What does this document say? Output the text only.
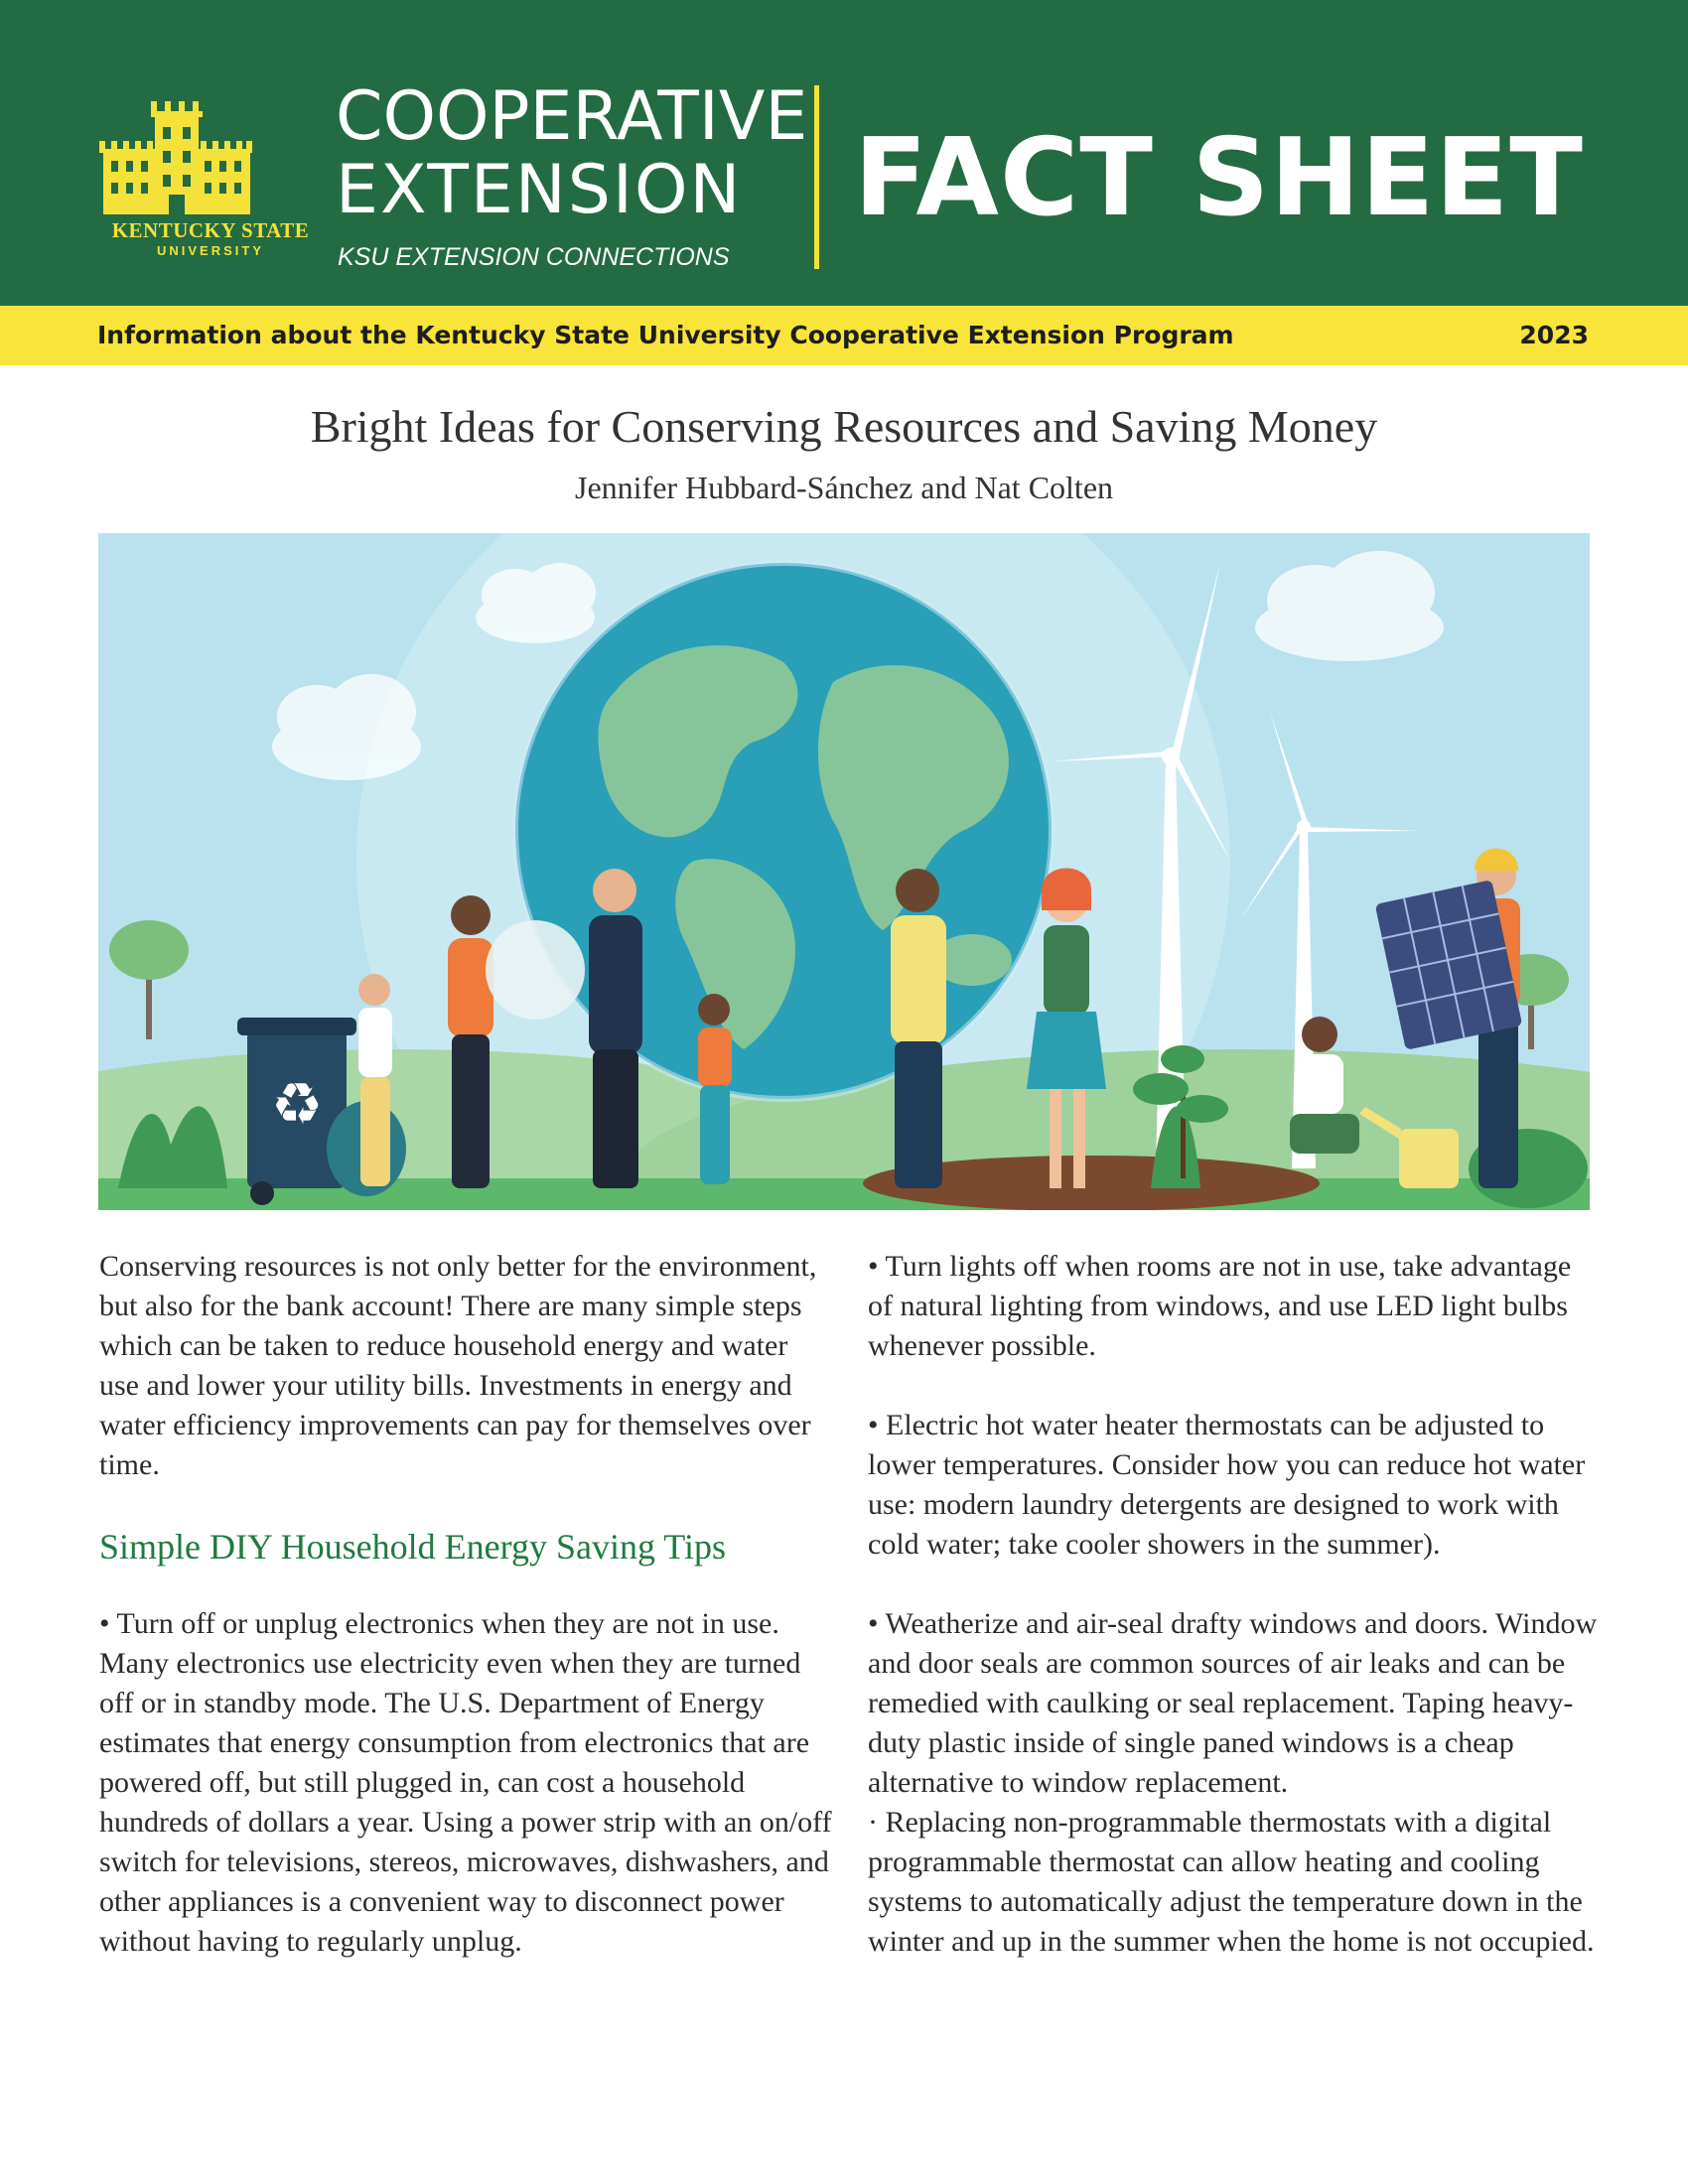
KENTUCKY STATE
UNIVERSITY
COOPERATIVE
EXTENSION
KSU EXTENSION CONNECTIONS
FACT SHEET
Information about the Kentucky State University Cooperative Extension Program	2023
Bright Ideas for Conserving Resources and Saving Money
Jennifer Hubbard-Sánchez and Nat Colten
♻

Conserving resources is not only better for the environment, but also for the bank account! There are many simple steps which can be taken to reduce household energy and water use and lower your utility bills. Investments in energy and water efficiency improvements can pay for themselves over time.

Simple DIY Household Energy Saving Tips

• Turn off or unplug electronics when they are not in use. Many electronics use electricity even when they are turned off or in standby mode. The U.S. Department of Energy estimates that energy consumption from electronics that are powered off, but still plugged in, can cost a household hundreds of dollars a year. Using a power strip with an on/off switch for televisions, stereos, microwaves, dishwashers, and other appliances is a convenient way to disconnect power without having to regularly unplug.

• Turn lights off when rooms are not in use, take advantage of natural lighting from windows, and use LED light bulbs whenever possible.

• Electric hot water heater thermostats can be adjusted to lower temperatures. Consider how you can reduce hot water use: modern laundry detergents are designed to work with cold water; take cooler showers in the summer).

• Weatherize and air-seal drafty windows and doors. Window and door seals are common sources of air leaks and can be remedied with caulking or seal replacement. Taping heavy-duty plastic inside of single paned windows is a cheap alternative to window replacement.

· Replacing non-programmable thermostats with a digital programmable thermostat can allow heating and cooling systems to automatically adjust the temperature down in the winter and up in the summer when the home is not occupied.
